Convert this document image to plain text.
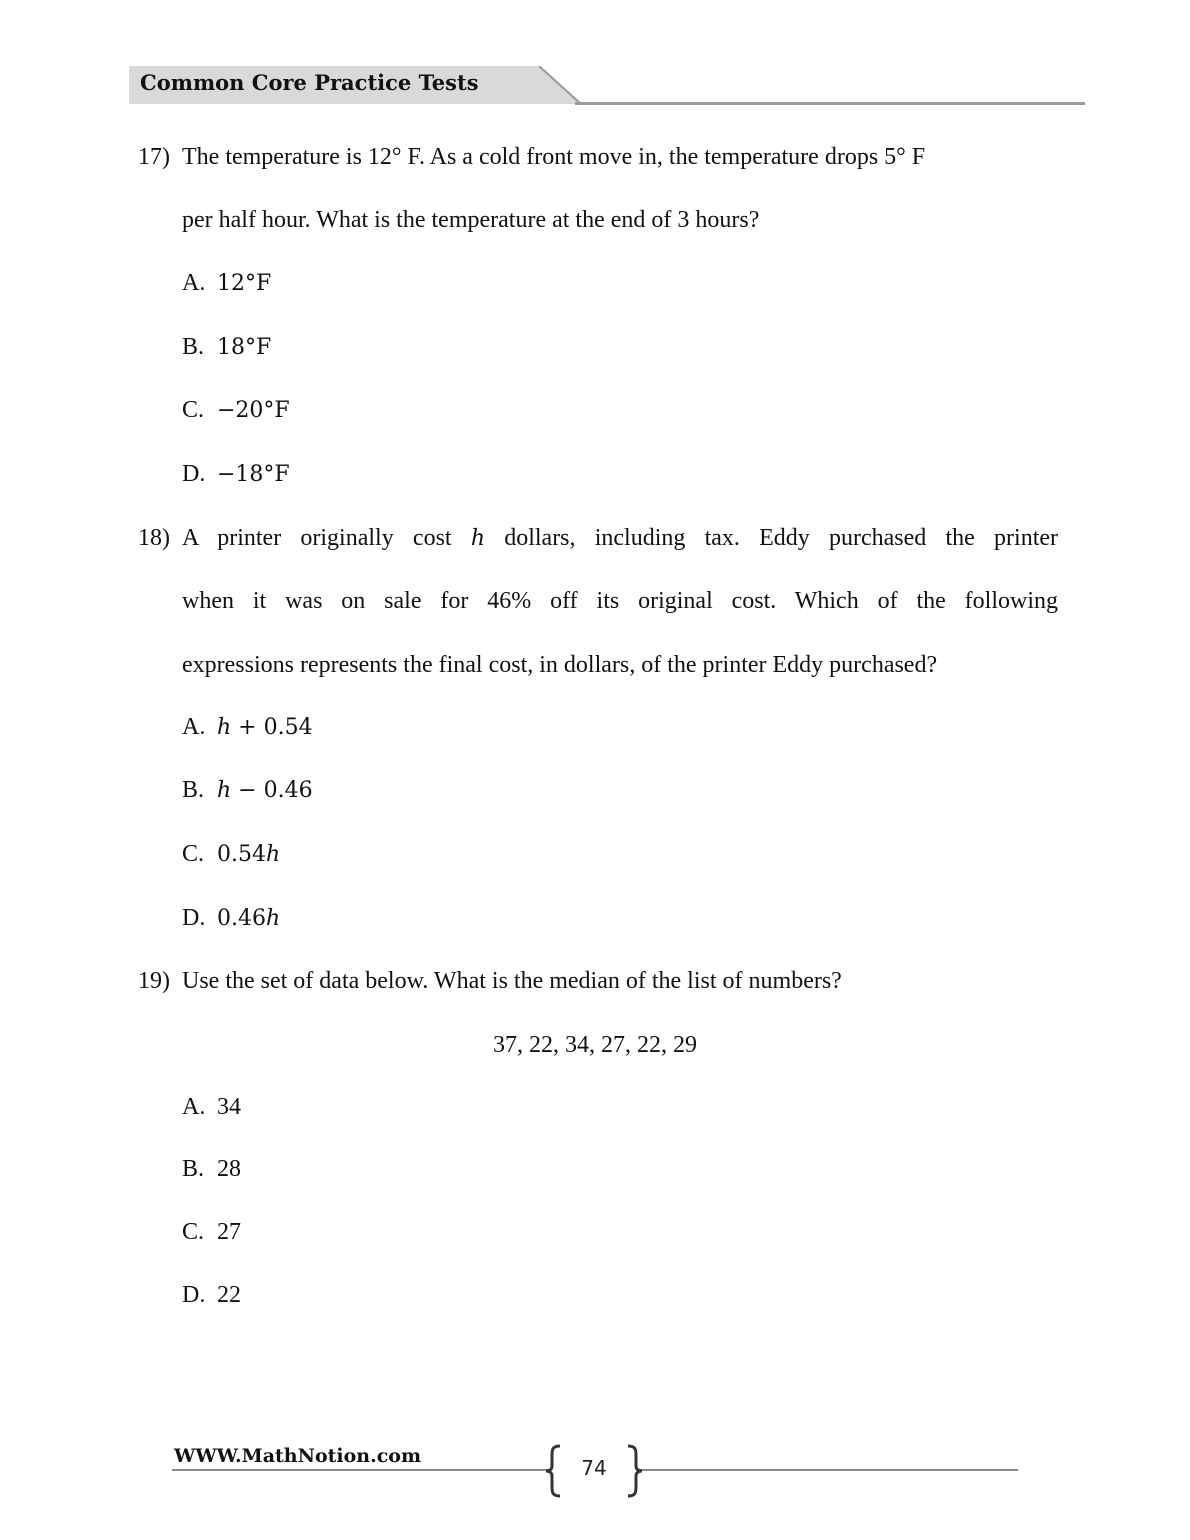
Common Core Practice Tests
17) The temperature is 12° F. As a cold front move in, the temperature drops 5° F
per half hour. What is the temperature at the end of 3 hours?
A. 12°F
B. 18°F
C. −20°F
D. −18°F
18) A printer originally cost h dollars, including tax. Eddy purchased the printer
when it was on sale for 46% off its original cost. Which of the following
expressions represents the final cost, in dollars, of the printer Eddy purchased?
A. h + 0.54
B. h − 0.46
C. 0.54h
D. 0.46h
19) Use the set of data below. What is the median of the list of numbers?
37, 22, 34, 27, 22, 29
A. 34
B. 28
C. 27
D. 22
WWW.MathNotion.com	74
